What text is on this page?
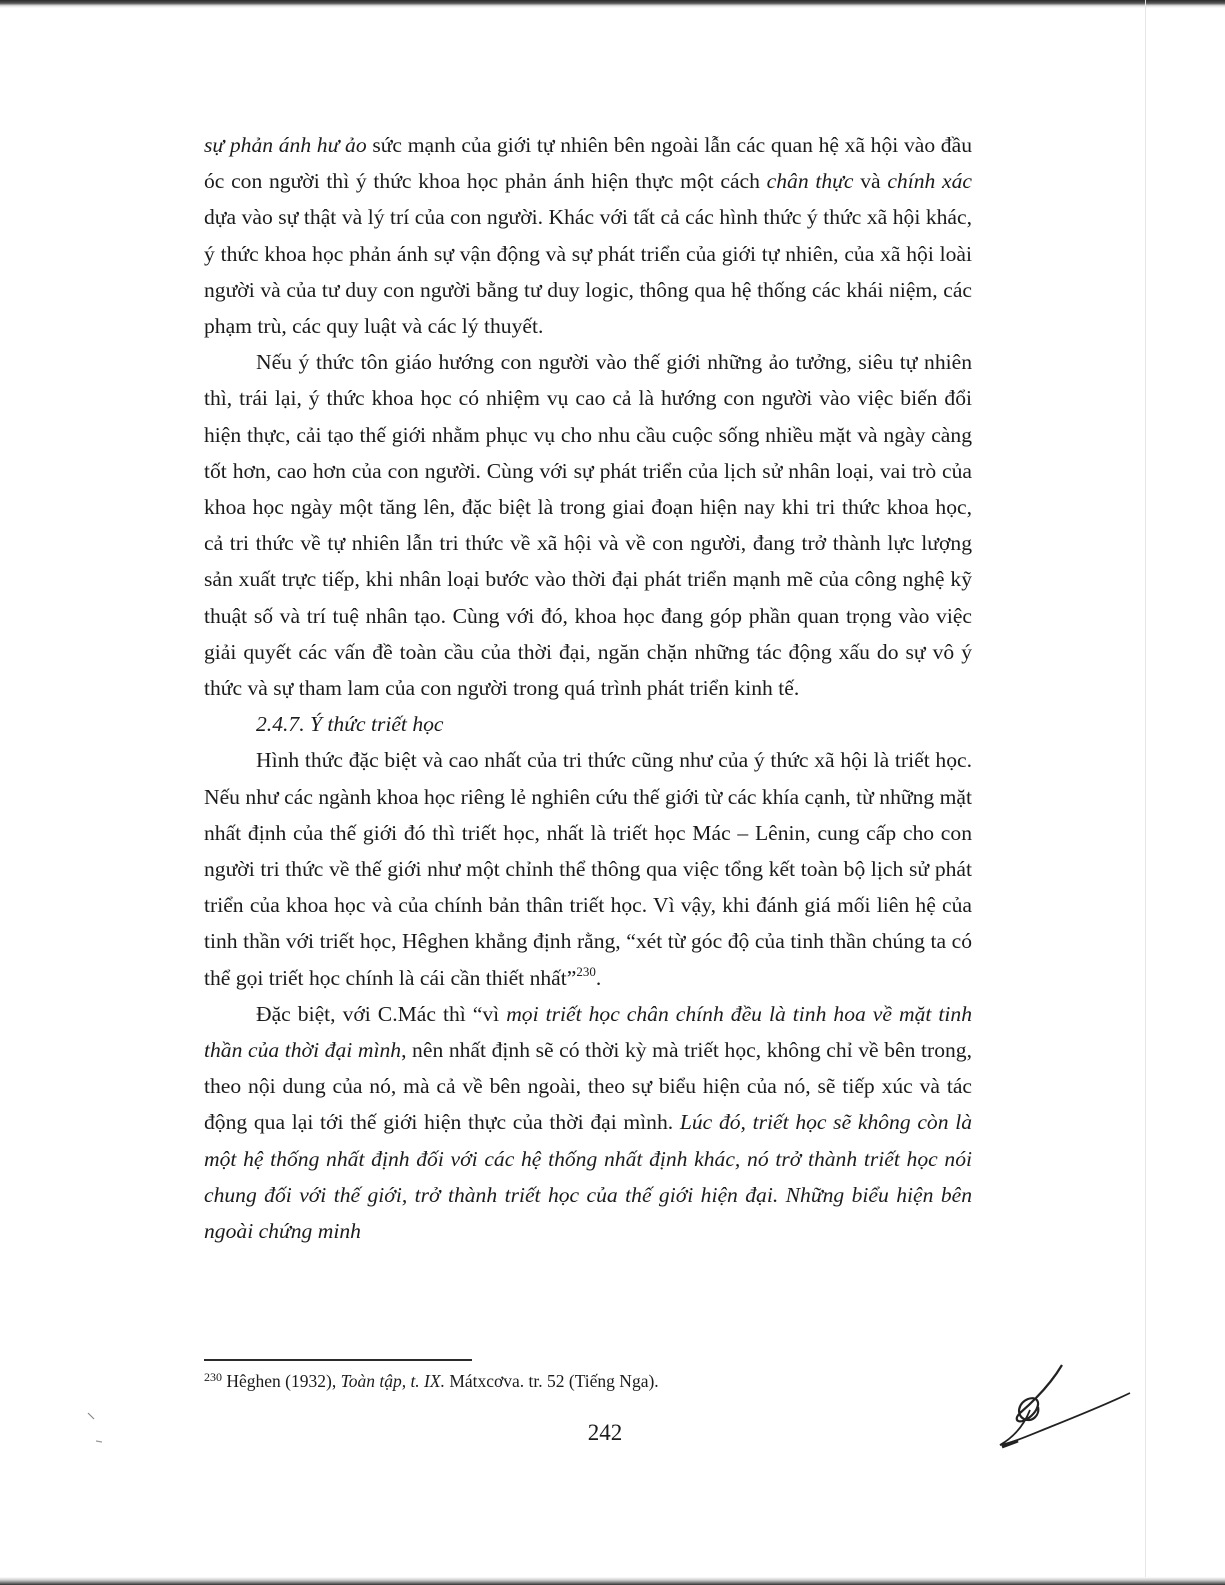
sự phản ánh hư ảo sức mạnh của giới tự nhiên bên ngoài lẫn các quan hệ xã hội vào đầu óc con người thì ý thức khoa học phản ánh hiện thực một cách chân thực và chính xác dựa vào sự thật và lý trí của con người. Khác với tất cả các hình thức ý thức xã hội khác, ý thức khoa học phản ánh sự vận động và sự phát triển của giới tự nhiên, của xã hội loài người và của tư duy con người bằng tư duy logic, thông qua hệ thống các khái niệm, các phạm trù, các quy luật và các lý thuyết.

Nếu ý thức tôn giáo hướng con người vào thế giới những ảo tưởng, siêu tự nhiên thì, trái lại, ý thức khoa học có nhiệm vụ cao cả là hướng con người vào việc biến đổi hiện thực, cải tạo thế giới nhằm phục vụ cho nhu cầu cuộc sống nhiều mặt và ngày càng tốt hơn, cao hơn của con người. Cùng với sự phát triển của lịch sử nhân loại, vai trò của khoa học ngày một tăng lên, đặc biệt là trong giai đoạn hiện nay khi tri thức khoa học, cả tri thức về tự nhiên lẫn tri thức về xã hội và về con người, đang trở thành lực lượng sản xuất trực tiếp, khi nhân loại bước vào thời đại phát triển mạnh mẽ của công nghệ kỹ thuật số và trí tuệ nhân tạo. Cùng với đó, khoa học đang góp phần quan trọng vào việc giải quyết các vấn đề toàn cầu của thời đại, ngăn chặn những tác động xấu do sự vô ý thức và sự tham lam của con người trong quá trình phát triển kinh tế.

2.4.7. Ý thức triết học

Hình thức đặc biệt và cao nhất của tri thức cũng như của ý thức xã hội là triết học. Nếu như các ngành khoa học riêng lẻ nghiên cứu thế giới từ các khía cạnh, từ những mặt nhất định của thế giới đó thì triết học, nhất là triết học Mác – Lênin, cung cấp cho con người tri thức về thế giới như một chỉnh thể thông qua việc tổng kết toàn bộ lịch sử phát triển của khoa học và của chính bản thân triết học. Vì vậy, khi đánh giá mối liên hệ của tinh thần với triết học, Hêghen khẳng định rằng, “xét từ góc độ của tinh thần chúng ta có thể gọi triết học chính là cái cần thiết nhất”$^{230}$.

Đặc biệt, với C.Mác thì “vì mọi triết học chân chính đều là tinh hoa về mặt tinh thần của thời đại mình, nên nhất định sẽ có thời kỳ mà triết học, không chỉ về bên trong, theo nội dung của nó, mà cả về bên ngoài, theo sự biểu hiện của nó, sẽ tiếp xúc và tác động qua lại tới thế giới hiện thực của thời đại mình. Lúc đó, triết học sẽ không còn là một hệ thống nhất định đối với các hệ thống nhất định khác, nó trở thành triết học nói chung đối với thế giới, trở thành triết học của thế giới hiện đại. Những biểu hiện bên ngoài chứng minh

$^{230}$ Hêghen (1932), Toàn tập, t. IX. Mátxcơva. tr. 52 (Tiếng Nga).
242
